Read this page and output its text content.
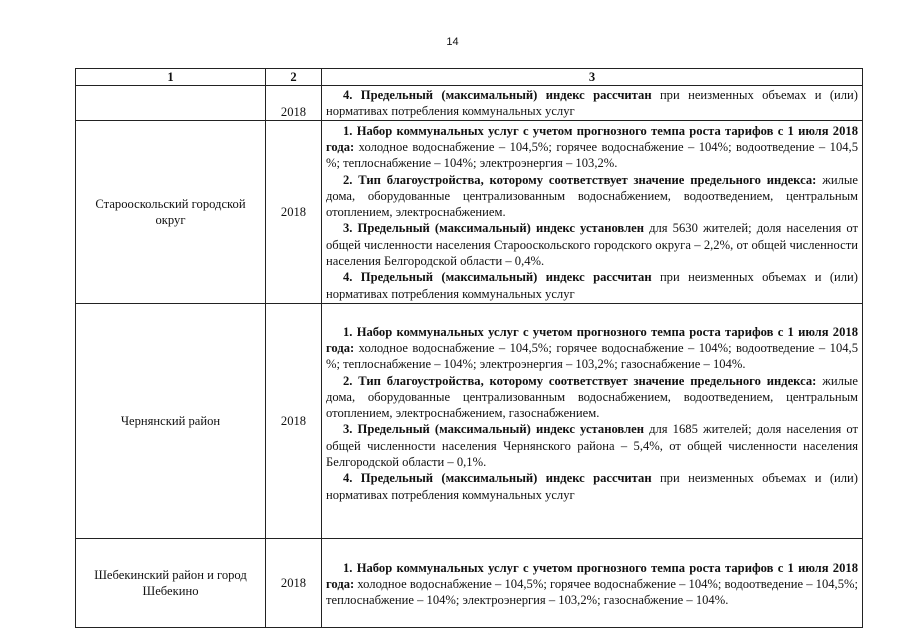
14
1	2	3
	2018	4. Предельный (максимальный) индекс рассчитан при неизменных объемах и (или) нормативах потребления коммунальных услуг

Старооскольский городской округ	2018	1. Набор коммунальных услуг с учетом прогнозного темпа роста тарифов с 1 июля 2018 года: холодное водоснабжение – 104,5%; горячее водоснабжение – 104%; водоотведение – 104,5 %; теплоснабжение – 104%; электроэнергия – 103,2%.

2. Тип благоустройства, которому соответствует значение предельного индекса: жилые дома, оборудованные централизованным водоснабжением, водоотведением, центральным отоплением, электроснабжением.

3. Предельный (максимальный) индекс установлен для 5630 жителей; доля населения от общей численности населения Старооскольского городского округа – 2,2%, от общей численности населения Белгородской области – 0,4%.

4. Предельный (максимальный) индекс рассчитан при неизменных объемах и (или) нормативах потребления коммунальных услуг

Чернянский район	2018	1. Набор коммунальных услуг с учетом прогнозного темпа роста тарифов с 1 июля 2018 года: холодное водоснабжение – 104,5%; горячее водоснабжение – 104%; водоотведение – 104,5 %; теплоснабжение – 104%; электроэнергия – 103,2%; газоснабжение – 104%.

2. Тип благоустройства, которому соответствует значение предельного индекса: жилые дома, оборудованные централизованным водоснабжением, водоотведением, центральным отоплением, электроснабжением, газоснабжением.

3. Предельный (максимальный) индекс установлен для 1685 жителей; доля населения от общей численности населения Чернянского района – 5,4%, от общей численности населения Белгородской области – 0,1%.

4. Предельный (максимальный) индекс рассчитан при неизменных объемах и (или) нормативах потребления коммунальных услуг

Шебекинский район и город Шебекино	2018	1. Набор коммунальных услуг с учетом прогнозного темпа роста тарифов с 1 июля 2018 года: холодное водоснабжение – 104,5%; горячее водоснабжение – 104%; водоотведение – 104,5%; теплоснабжение – 104%; электроэнергия – 103,2%; газоснабжение – 104%.
